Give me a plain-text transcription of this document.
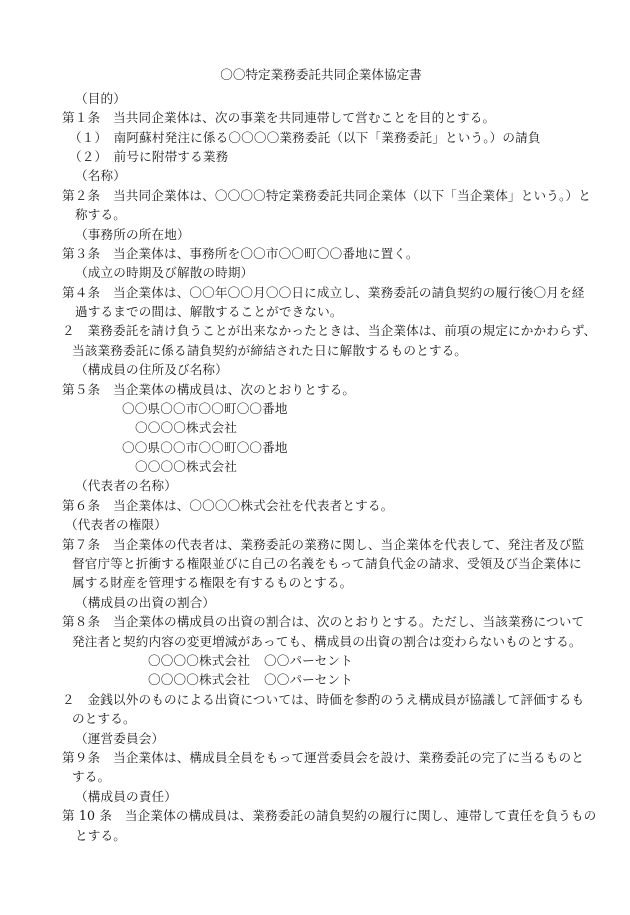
〇〇特定業務委託共同企業体協定書
（目的）
第１条　当共同企業体は、次の事業を共同連帯して営むことを目的とする。
（１）　南阿蘇村発注に係る〇〇〇〇業務委託（以下「業務委託」という。）の請負
（２）　前号に附帯する業務
（名称）
第２条　当共同企業体は、〇〇〇〇特定業務委託共同企業体（以下「当企業体」という。）と
称する。
（事務所の所在地）
第３条　当企業体は、事務所を〇〇市〇〇町〇〇番地に置く。
（成立の時期及び解散の時期）
第４条　当企業体は、〇〇年〇〇月〇〇日に成立し、業務委託の請負契約の履行後〇月を経
過するまでの間は、解散することができない。
２　業務委託を請け負うことが出来なかったときは、当企業体は、前項の規定にかかわらず、
当該業務委託に係る請負契約が締結された日に解散するものとする。
（構成員の住所及び名称）
第５条　当企業体の構成員は、次のとおりとする。
〇〇県〇〇市〇〇町〇〇番地
〇〇〇〇株式会社
〇〇県〇〇市〇〇町〇〇番地
〇〇〇〇株式会社
（代表者の名称）
第６条　当企業体は、〇〇〇〇株式会社を代表者とする。
（代表者の権限）
第７条　当企業体の代表者は、業務委託の業務に関し、当企業体を代表して、発注者及び監
督官庁等と折衝する権限並びに自己の名義をもって請負代金の請求、受領及び当企業体に
属する財産を管理する権限を有するものとする。
（構成員の出資の割合）
第８条　当企業体の構成員の出資の割合は、次のとおりとする。ただし、当該業務について
発注者と契約内容の変更増減があっても、構成員の出資の割合は変わらないものとする。
〇〇〇〇株式会社 〇〇パーセント
〇〇〇〇株式会社 〇〇パーセント
２　金銭以外のものによる出資については、時価を参酌のうえ構成員が協議して評価するも
のとする。
（運営委員会）
第９条　当企業体は、構成員全員をもって運営委員会を設け、業務委託の完了に当るものと
する。
（構成員の責任）
第 10 条　当企業体の構成員は、業務委託の請負契約の履行に関し、連帯して責任を負うもの
とする。
